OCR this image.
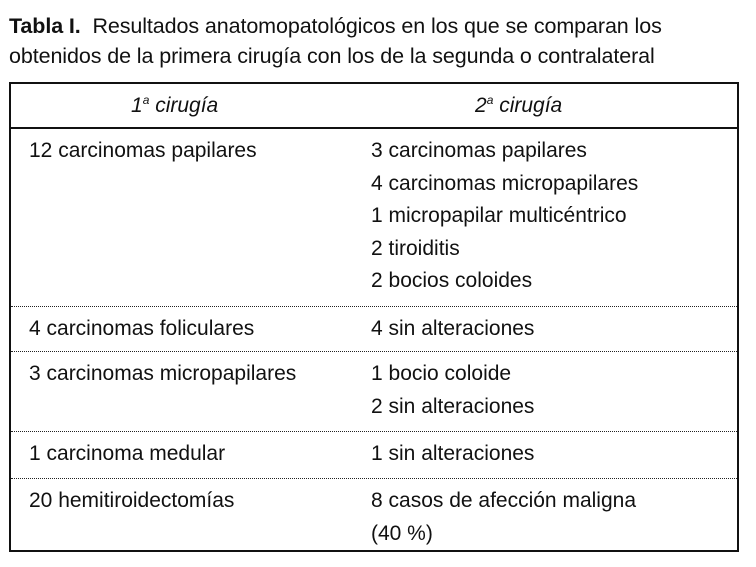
Tabla I. Resultados anatomopatológicos en los que se comparan los obtenidos de la primera cirugía con los de la segunda o contralateral
1$^a$ cirugía	2$^a$ cirugía
12 carcinomas papilares	3 carcinomas papilares
4 carcinomas micropapilares
1 micropapilar multicéntrico
2 tiroiditis
2 bocios coloides
4 carcinomas foliculares	4 sin alteraciones
3 carcinomas micropapilares	1 bocio coloide
2 sin alteraciones
1 carcinoma medular	1 sin alteraciones
20 hemitiroidectomías	8 casos de afección maligna
(40 %)
